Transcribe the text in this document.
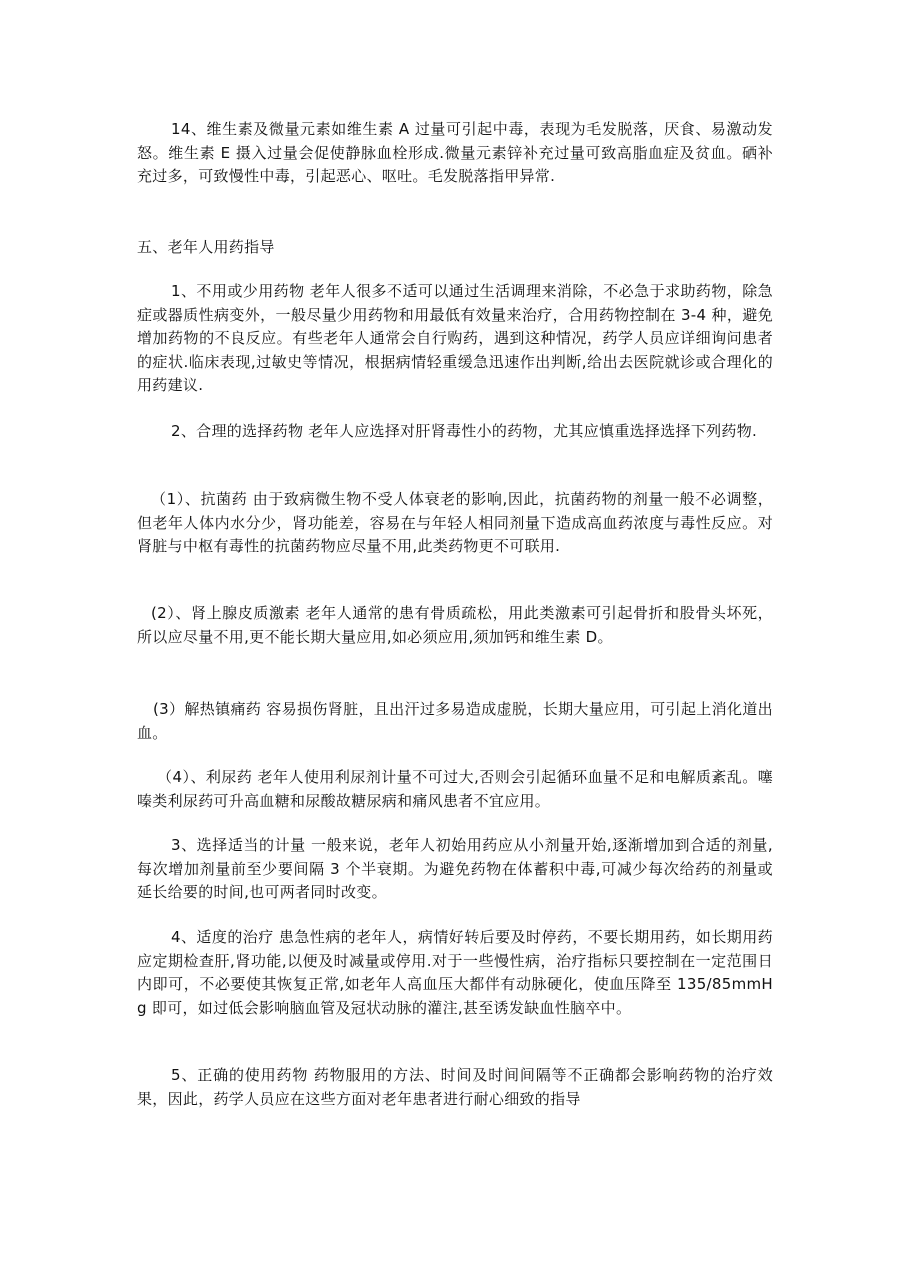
14、维生素及微量元素如维生素 A 过量可引起中毒，表现为毛发脱落，厌食、易激动发怒。维生素 E 摄入过量会促使静脉血栓形成.微量元素锌补充过量可致高脂血症及贫血。硒补充过多，可致慢性中毒，引起恶心、呕吐。毛发脱落指甲异常.

五、老年人用药指导

1、不用或少用药物 老年人很多不适可以通过生活调理来消除，不必急于求助药物，除急症或器质性病变外，一般尽量少用药物和用最低有效量来治疗，合用药物控制在 3-4 种，避免增加药物的不良反应。有些老年人通常会自行购药，遇到这种情况，药学人员应详细询问患者的症状.临床表现,过敏史等情况，根据病情轻重缓急迅速作出判断,给出去医院就诊或合理化的用药建议.

2、合理的选择药物 老年人应选择对肝肾毒性小的药物，尤其应慎重选择选择下列药物.

（1）、抗菌药 由于致病微生物不受人体衰老的影响,因此，抗菌药物的剂量一般不必调整，但老年人体内水分少，肾功能差，容易在与年轻人相同剂量下造成高血药浓度与毒性反应。对肾脏与中枢有毒性的抗菌药物应尽量不用,此类药物更不可联用.

(2）、肾上腺皮质激素 老年人通常的患有骨质疏松，用此类激素可引起骨折和股骨头坏死，所以应尽量不用,更不能长期大量应用,如必须应用,须加钙和维生素 D。

(3）解热镇痛药 容易损伤肾脏，且出汗过多易造成虚脱，长期大量应用，可引起上消化道出血。

（4）、利尿药 老年人使用利尿剂计量不可过大,否则会引起循环血量不足和电解质紊乱。噻嗪类利尿药可升高血糖和尿酸故糖尿病和痛风患者不宜应用。

3、选择适当的计量 一般来说，老年人初始用药应从小剂量开始,逐渐增加到合适的剂量,每次增加剂量前至少要间隔 3 个半衰期。为避免药物在体蓄积中毒,可减少每次给药的剂量或延长给要的时间,也可两者同时改变。

4、适度的治疗 患急性病的老年人，病情好转后要及时停药，不要长期用药，如长期用药应定期检查肝,肾功能,以便及时减量或停用.对于一些慢性病，治疗指标只要控制在一定范围日内即可，不必要使其恢复正常,如老年人高血压大都伴有动脉硬化，使血压降至 135/85mmHg 即可，如过低会影响脑血管及冠状动脉的灌注,甚至诱发缺血性脑卒中。

5、正确的使用药物 药物服用的方法、时间及时间间隔等不正确都会影响药物的治疗效果，因此，药学人员应在这些方面对老年患者进行耐心细致的指导
